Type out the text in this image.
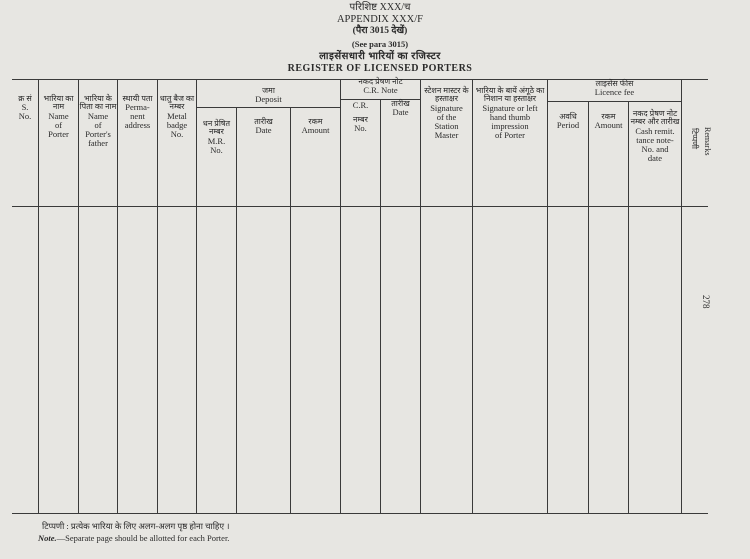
परिशिष्ट XXX/च
APPENDIX XXX/F
(पैरा 3015 देखें)
(See para 3015)
लाइसेंसधारी भारियों का रजिस्टर
REGISTER OF LICENSED PORTERS
क्र सं
S.
No.
भारिया का नाम
Name
of
Porter
भारिया के पिता का नाम
Name
of
Porter's
father
स्थायी पता
Perma-
nent
address
धातु बैज का नम्बर
Metal
badge
No.
जमा
Deposit
धन प्रेषित नम्बर
M.R.
No.
तारीख
Date
रकम
Amount
नकद प्रेषण नोट
C.R. Note
C.R.
नम्बर
No.
तारीख
Date
स्टेशन मास्टर के हस्ताक्षर
Signature
of the
Station
Master
भारिया के बायें अंगूठे का निशान या हस्ताक्षर
Signature or left
hand thumb
impression
of Porter
लाइसेंस फीस
Licence fee
अवधि
Period
रकम
Amount
नकद प्रेषण नोट नम्बर और तारीख
Cash remit.
tance note-
No. and
date
टिप्पणी Remarks
278
टिप्पणी : प्रत्येक भारिया के लिए अलग-अलग पृष्ठ होना चाहिए ।
Note.—Separate page should be allotted for each Porter.
